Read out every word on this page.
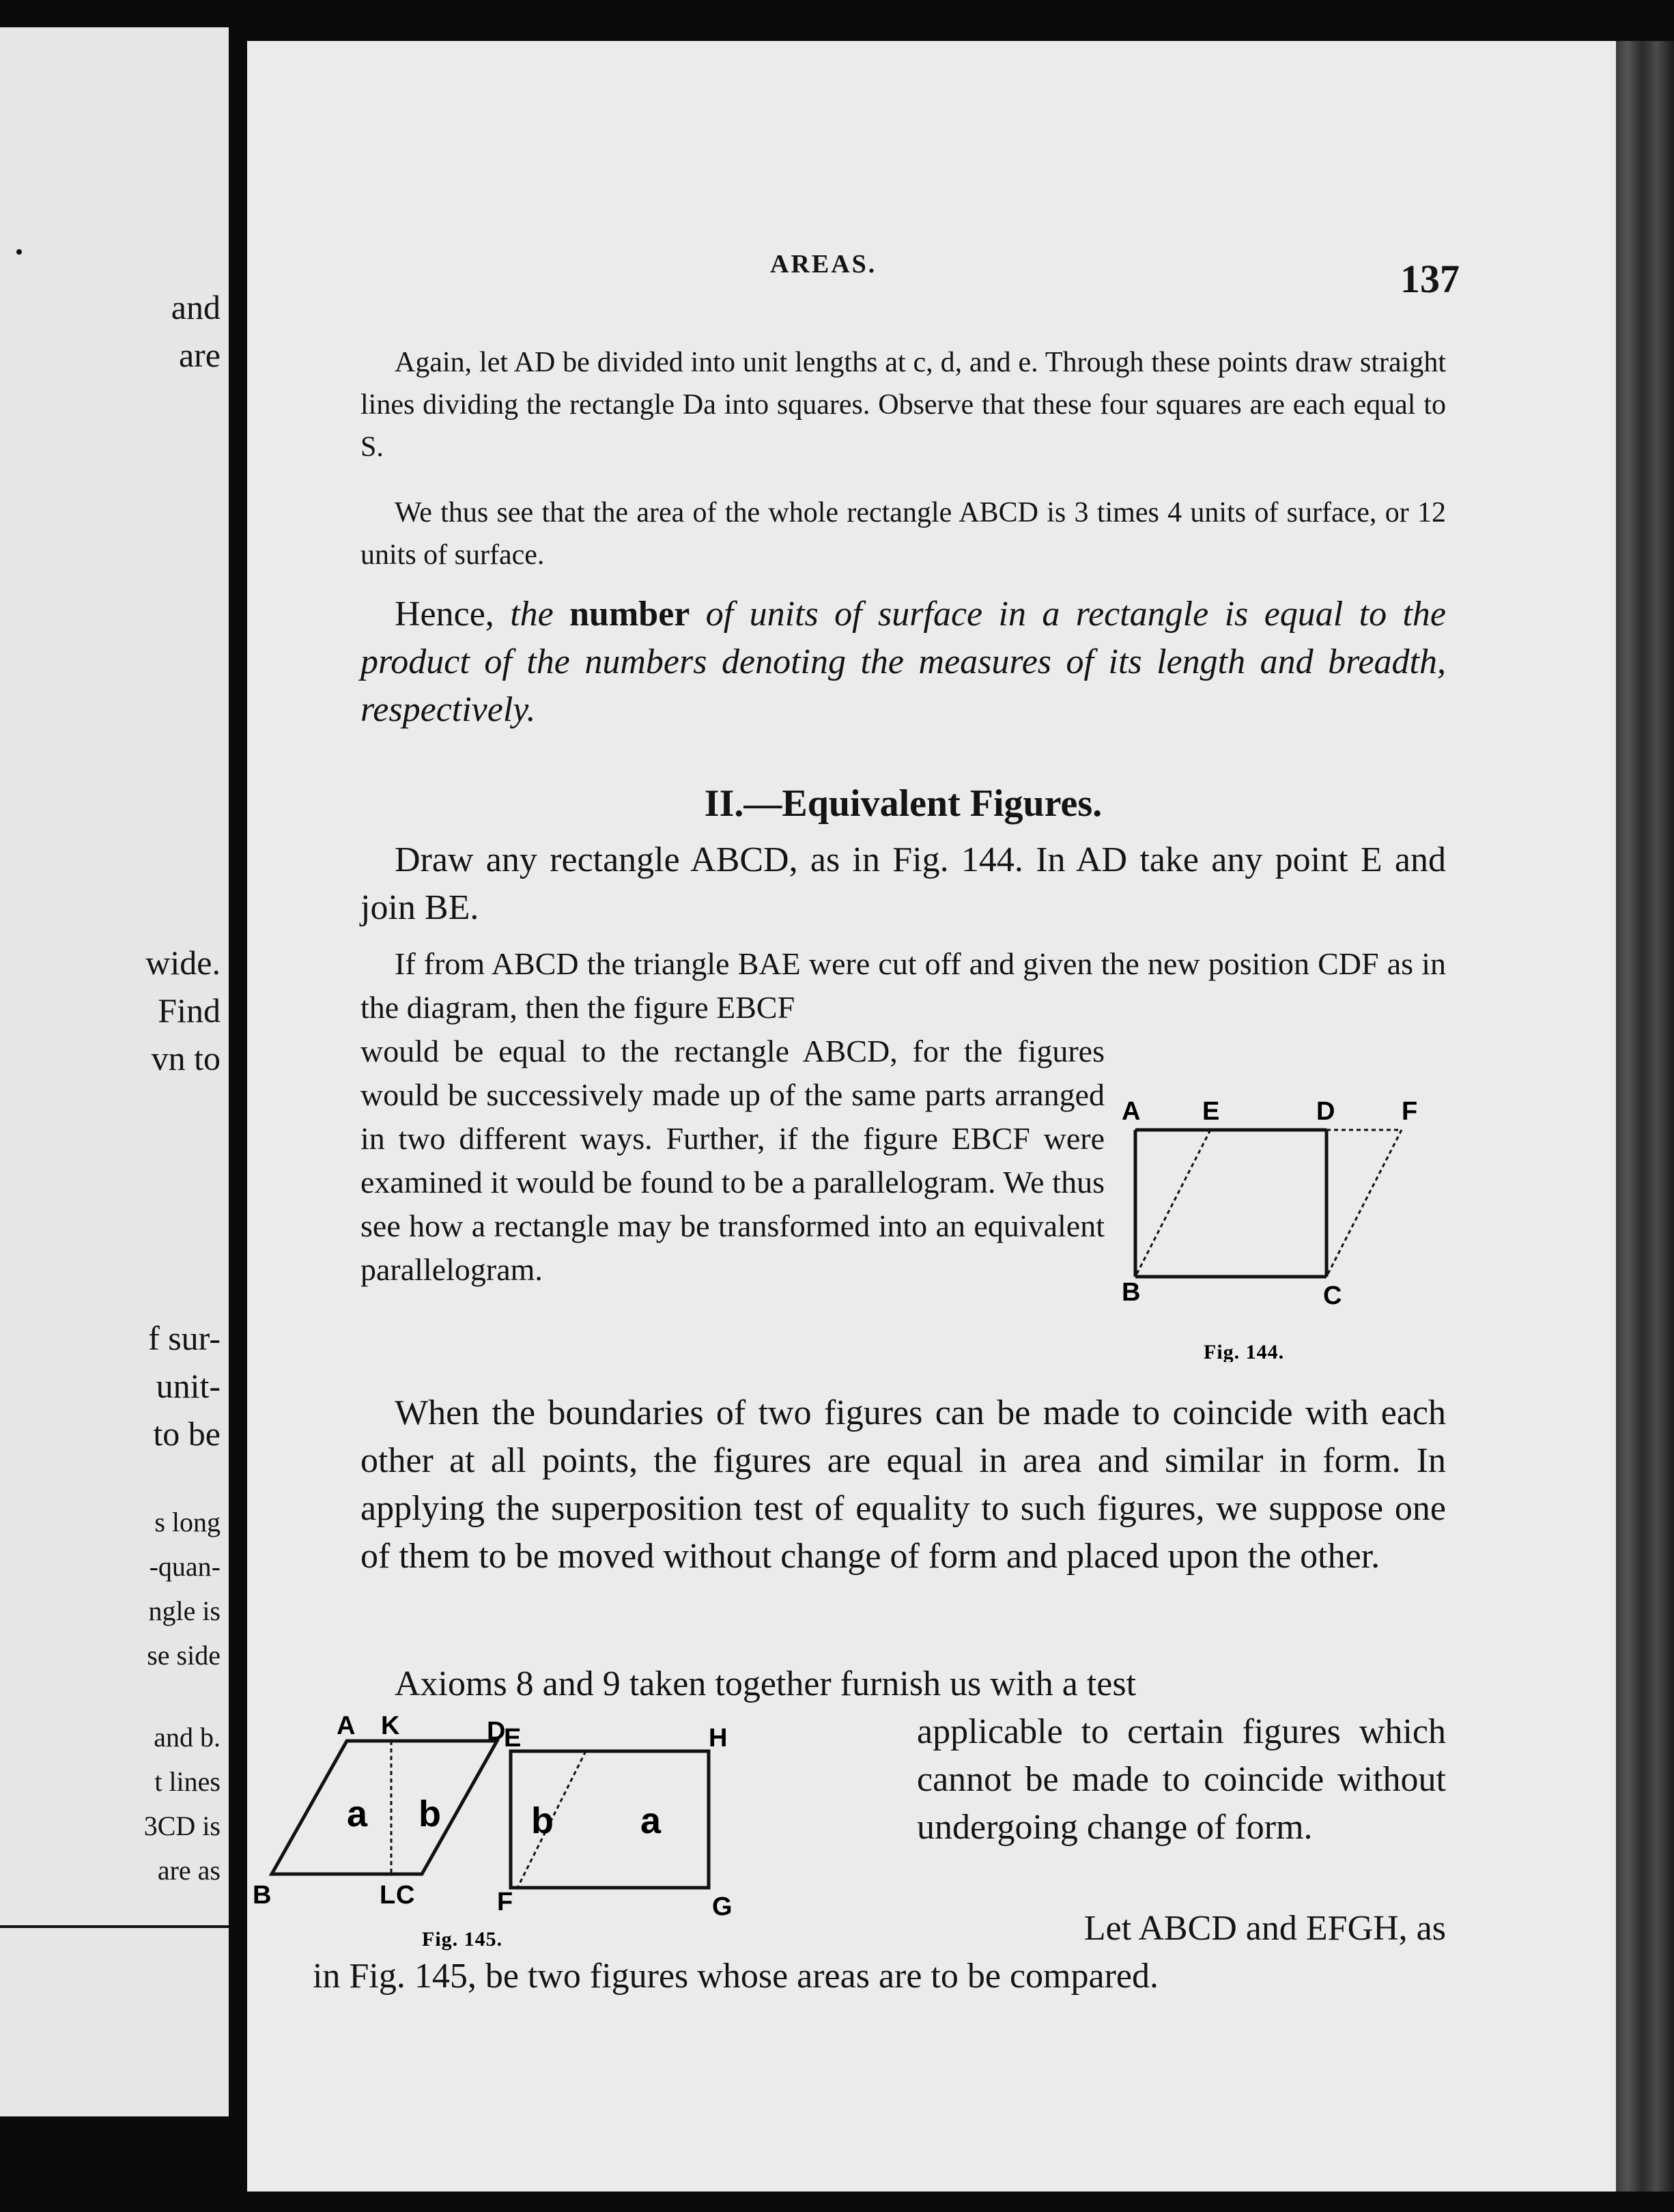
and
are
wide.
Find
vn to
f sur-
unit-
to be
s long
-quan-
ngle is
se side
and b.
t lines
3CD is
are as
AREAS.	137

Again, let AD be divided into unit lengths at c, d, and e. Through these points draw straight lines dividing the rectangle Da into squares. Observe that these four squares are each equal to S.

We thus see that the area of the whole rectangle ABCD is 3 times 4 units of surface, or 12 units of surface.

Hence, the number of units of surface in a rectangle is equal to the product of the numbers denoting the measures of its length and breadth, respectively.

II.—Equivalent Figures.

Draw any rectangle ABCD, as in Fig. 144. In AD take any point E and join BE.

If from ABCD the triangle BAE were cut off and given the new position CDF as in the diagram, then the figure EBCF

would be equal to the rectangle ABCD, for the figures would be successively made up of the same parts arranged in two different ways. Further, if the figure EBCF were examined it would be found to be a parallelogram. We thus see how a rectangle may be transformed into an equivalent parallelogram.

A E	D	F
B	C
Fig. 144.

When the boundaries of two figures can be made to coincide with each other at all points, the figures are equal in area and similar in form. In applying the superposition test of equality to such figures, we suppose one of them to be moved without change of form and placed upon the other.

Axioms 8 and 9 taken together furnish us with a test

applicable to certain figures which cannot be made to coincide without undergoing change of form.

A K	D
B	L C
E	H
F	G
a b b a
Fig. 145.	Let ABCD and EFGH, as

in Fig. 145, be two figures whose areas are to be compared.
